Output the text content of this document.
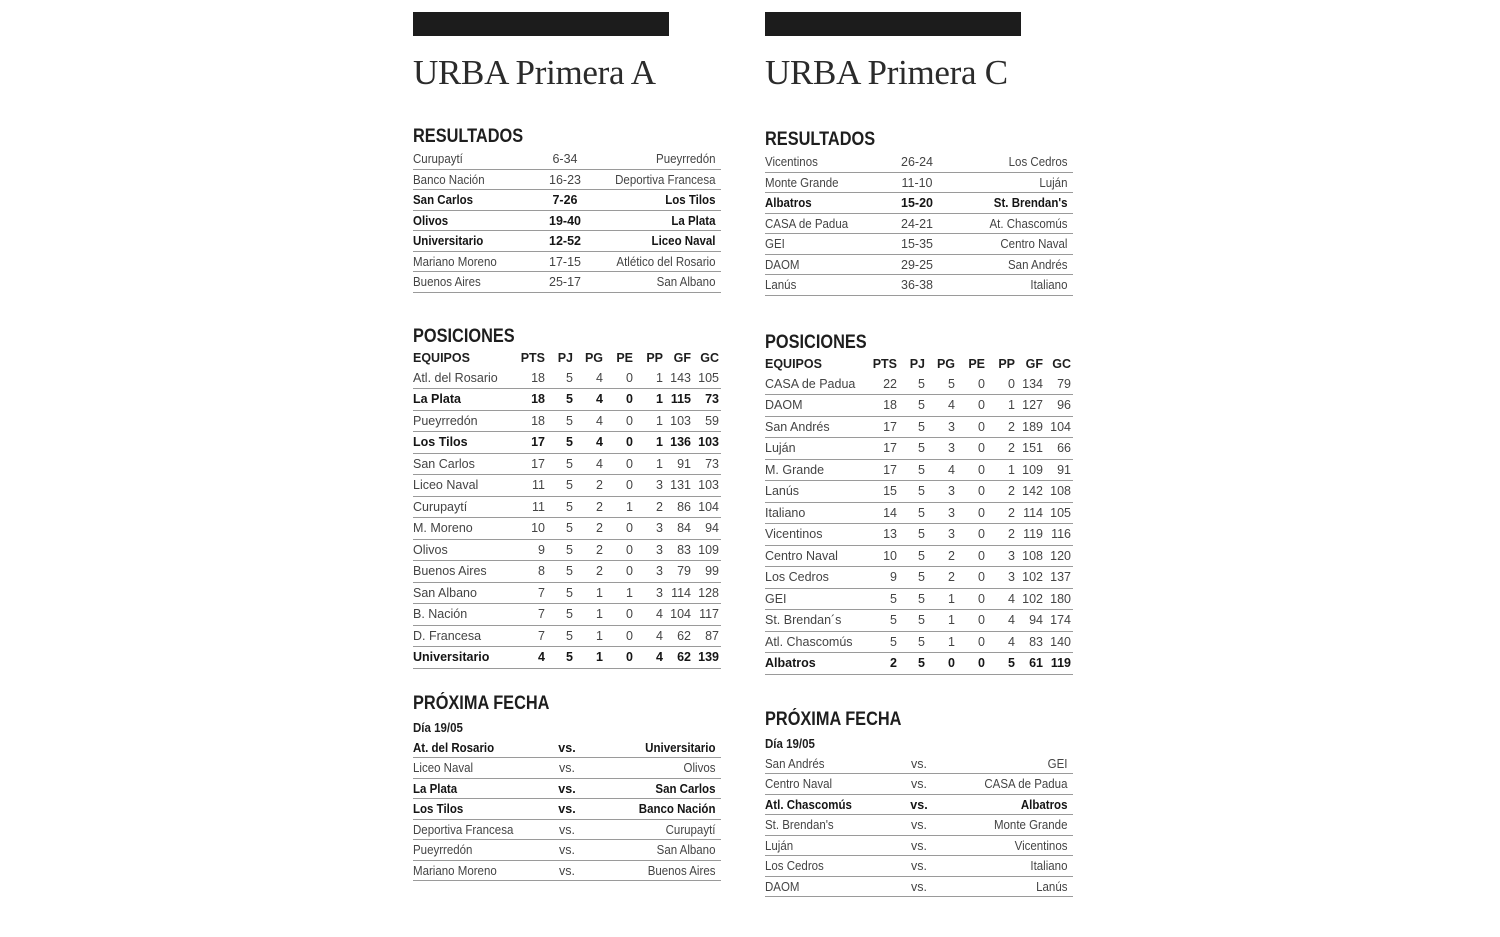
URBA Primera A
RESULTADOS
Curupaytí	6-34	Pueyrredón
Banco Nación	16-23	Deportiva Francesa
San Carlos	7-26	Los Tilos
Olivos	19-40	La Plata
Universitario	12-52	Liceo Naval
Mariano Moreno	17-15	Atlético del Rosario
Buenos Aires	25-17	San Albano
POSICIONES
EQUIPOS	PTS	PJ	PG	PE	PP	GF	GC
Atl. del Rosario	18	5	4	0	1	143	105
La Plata	18	5	4	0	1	115	73
Pueyrredón	18	5	4	0	1	103	59
Los Tilos	17	5	4	0	1	136	103
San Carlos	17	5	4	0	1	91	73
Liceo Naval	11	5	2	0	3	131	103
Curupaytí	11	5	2	1	2	86	104
M. Moreno	10	5	2	0	3	84	94
Olivos	9	5	2	0	3	83	109
Buenos Aires	8	5	2	0	3	79	99
San Albano	7	5	1	1	3	114	128
B. Nación	7	5	1	0	4	104	117
D. Francesa	7	5	1	0	4	62	87
Universitario	4	5	1	0	4	62	139
PRÓXIMA FECHA
Día 19/05
At. del Rosario	vs.	Universitario
Liceo Naval	vs.	Olivos
La Plata	vs.	San Carlos
Los Tilos	vs.	Banco Nación
Deportiva Francesa	vs.	Curupaytí
Pueyrredón	vs.	San Albano
Mariano Moreno	vs.	Buenos Aires
URBA Primera C
RESULTADOS
Vicentinos	26-24	Los Cedros
Monte Grande	11-10	Luján
Albatros	15-20	St. Brendan's
CASA de Padua	24-21	At. Chascomús
GEI	15-35	Centro Naval
DAOM	29-25	San Andrés
Lanús	36-38	Italiano
POSICIONES
EQUIPOS	PTS	PJ	PG	PE	PP	GF	GC
CASA de Padua	22	5	5	0	0	134	79
DAOM	18	5	4	0	1	127	96
San Andrés	17	5	3	0	2	189	104
Luján	17	5	3	0	2	151	66
M. Grande	17	5	4	0	1	109	91
Lanús	15	5	3	0	2	142	108
Italiano	14	5	3	0	2	114	105
Vicentinos	13	5	3	0	2	119	116
Centro Naval	10	5	2	0	3	108	120
Los Cedros	9	5	2	0	3	102	137
GEI	5	5	1	0	4	102	180
St. Brendan´s	5	5	1	0	4	94	174
Atl. Chascomús	5	5	1	0	4	83	140
Albatros	2	5	0	0	5	61	119
PRÓXIMA FECHA
Día 19/05
San Andrés	vs.	GEI
Centro Naval	vs.	CASA de Padua
Atl. Chascomús	vs.	Albatros
St. Brendan's	vs.	Monte Grande
Luján	vs.	Vicentinos
Los Cedros	vs.	Italiano
DAOM	vs.	Lanús
